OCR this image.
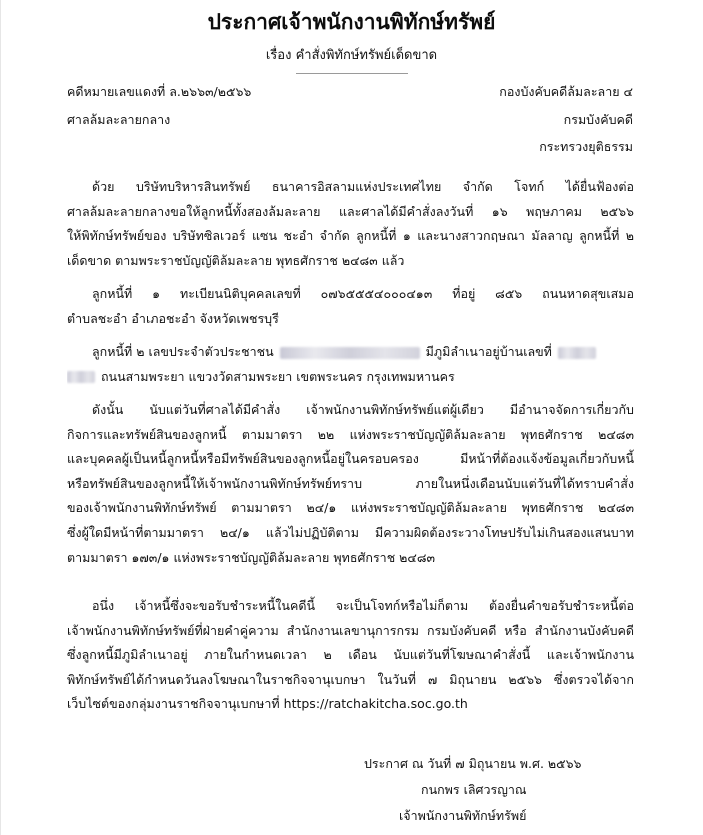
ประกาศเจ้าพนักงานพิทักษ์ทรัพย์
เรื่อง คำสั่งพิทักษ์ทรัพย์เด็ดขาด
คดีหมายเลขแดงที่ ล.๒๖๖๓/๒๕๖๖
ศาลล้มละลายกลาง
กองบังคับคดีล้มละลาย ๔
กรมบังคับคดี
กระทรวงยุติธรรม
ด้วย บริษัทบริหารสินทรัพย์ ธนาคารอิสลามแห่งประเทศไทย จำกัด โจทก์ ได้ยื่นฟ้องต่อ
ศาลล้มละลายกลางขอให้ลูกหนี้ทั้งสองล้มละลาย และศาลได้มีคำสั่งลงวันที่ ๑๖ พฤษภาคม ๒๕๖๖
ให้พิทักษ์ทรัพย์ของ บริษัทซิลเวอร์ แซน ชะอำ จำกัด ลูกหนี้ที่ ๑ และนางสาวกฤษณา มัลลาญ ลูกหนี้ที่ ๒
เด็ดขาด ตามพระราชบัญญัติล้มละลาย พุทธศักราช ๒๔๘๓ แล้ว
ลูกหนี้ที่ ๑ ทะเบียนนิติบุคคลเลขที่ ๐๗๖๕๕๕๔๐๐๐๔๑๓ ที่อยู่ ๘๕๖ ถนนหาดสุขเสมอ
ตำบลชะอำ อำเภอชะอำ จังหวัดเพชรบุรี
ลูกหนี้ที่ ๒ เลขประจำตัวประชาชน	มีภูมิลำเนาอยู่บ้านเลขที่
ถนนสามพระยา แขวงวัดสามพระยา เขตพระนคร กรุงเทพมหานคร
ดังนั้น นับแต่วันที่ศาลได้มีคำสั่ง เจ้าพนักงานพิทักษ์ทรัพย์แต่ผู้เดียว มีอำนาจจัดการเกี่ยวกับ
กิจการและทรัพย์สินของลูกหนี้ ตามมาตรา ๒๒ แห่งพระราชบัญญัติล้มละลาย พุทธศักราช ๒๔๘๓
และบุคคลผู้เป็นหนี้ลูกหนี้หรือมีทรัพย์สินของลูกหนี้อยู่ในครอบครอง มีหน้าที่ต้องแจ้งข้อมูลเกี่ยวกับหนี้
หรือทรัพย์สินของลูกหนี้ให้เจ้าพนักงานพิทักษ์ทรัพย์ทราบ ภายในหนึ่งเดือนนับแต่วันที่ได้ทราบคำสั่ง
ของเจ้าพนักงานพิทักษ์ทรัพย์ ตามมาตรา ๒๔/๑ แห่งพระราชบัญญัติล้มละลาย พุทธศักราช ๒๔๘๓
ซึ่งผู้ใดมีหน้าที่ตามมาตรา ๒๔/๑ แล้วไม่ปฏิบัติตาม มีความผิดต้องระวางโทษปรับไม่เกินสองแสนบาท
ตามมาตรา ๑๗๓/๑ แห่งพระราชบัญญัติล้มละลาย พุทธศักราช ๒๔๘๓
อนึ่ง เจ้าหนี้ซึ่งจะขอรับชำระหนี้ในคดีนี้ จะเป็นโจทก์หรือไม่ก็ตาม ต้องยื่นคำขอรับชำระหนี้ต่อ
เจ้าพนักงานพิทักษ์ทรัพย์ที่ฝ่ายคำคู่ความ สำนักงานเลขานุการกรม กรมบังคับคดี หรือ สำนักงานบังคับคดี
ซึ่งลูกหนี้มีภูมิลำเนาอยู่ ภายในกำหนดเวลา ๒ เดือน นับแต่วันที่โฆษณาคำสั่งนี้ และเจ้าพนักงาน
พิทักษ์ทรัพย์ได้กำหนดวันลงโฆษณาในราชกิจจานุเบกษา ในวันที่ ๗ มิถุนายน ๒๕๖๖ ซึ่งตรวจได้จาก
เว็บไซต์ของกลุ่มงานราชกิจจานุเบกษาที่ https://ratchakitcha.soc.go.th
ประกาศ ณ วันที่ ๗ มิถุนายน พ.ศ. ๒๕๖๖
กนกพร เลิศวรญาณ
เจ้าพนักงานพิทักษ์ทรัพย์
